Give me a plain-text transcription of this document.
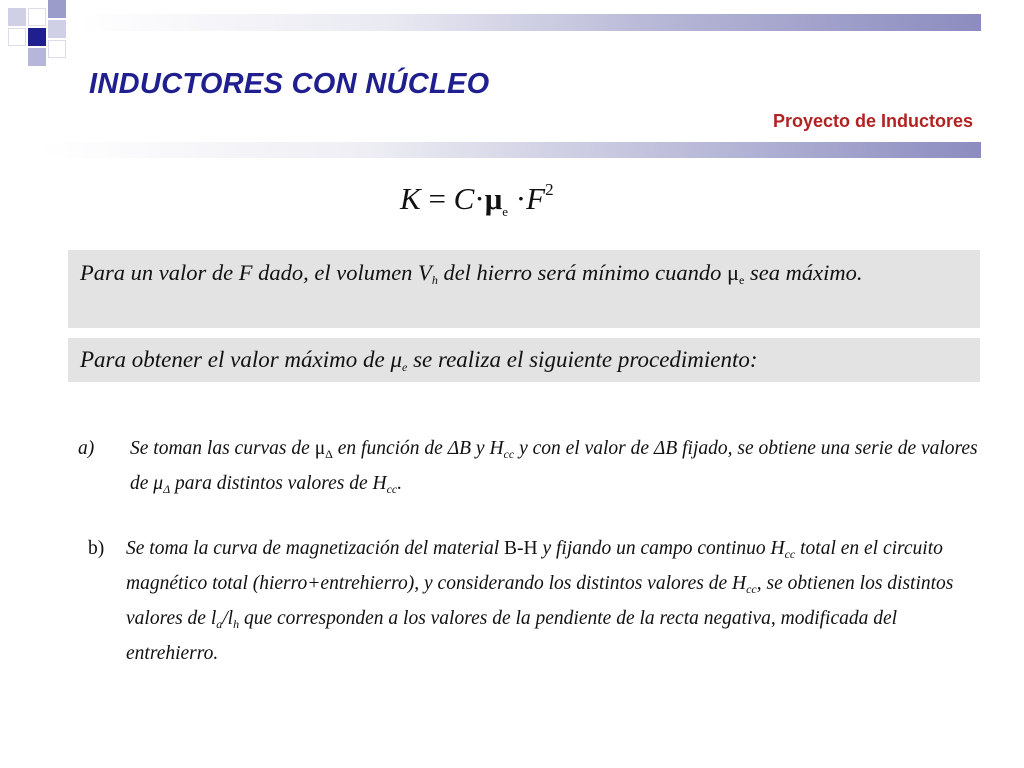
INDUCTORES CON NÚCLEO
Proyecto de Inductores
$K = C\cdot\mu_e \cdot F^2$
Para un valor de F dado, el volumen $V_h$ del hierro será mínimo cuando $\mu_e$ sea máximo.
Para obtener el valor máximo de $\mu_e$ se realiza el siguiente procedimiento:
a) Se toman las curvas de $\mu_\Delta$ en función de ΔB y $H_{cc}$ y con el valor de ΔB fijado, se obtiene una serie de valores de $\mu_\Delta$ para distintos valores de $H_{cc}$.
b) Se toma la curva de magnetización del material B-H y fijando un campo continuo $H_{cc}$ total en el circuito magnético total (hierro+entrehierro), y considerando los distintos valores de $H_{cc}$, se obtienen los distintos valores de $l_a/l_h$ que corresponden a los valores de la pendiente de la recta negativa, modificada del entrehierro.
